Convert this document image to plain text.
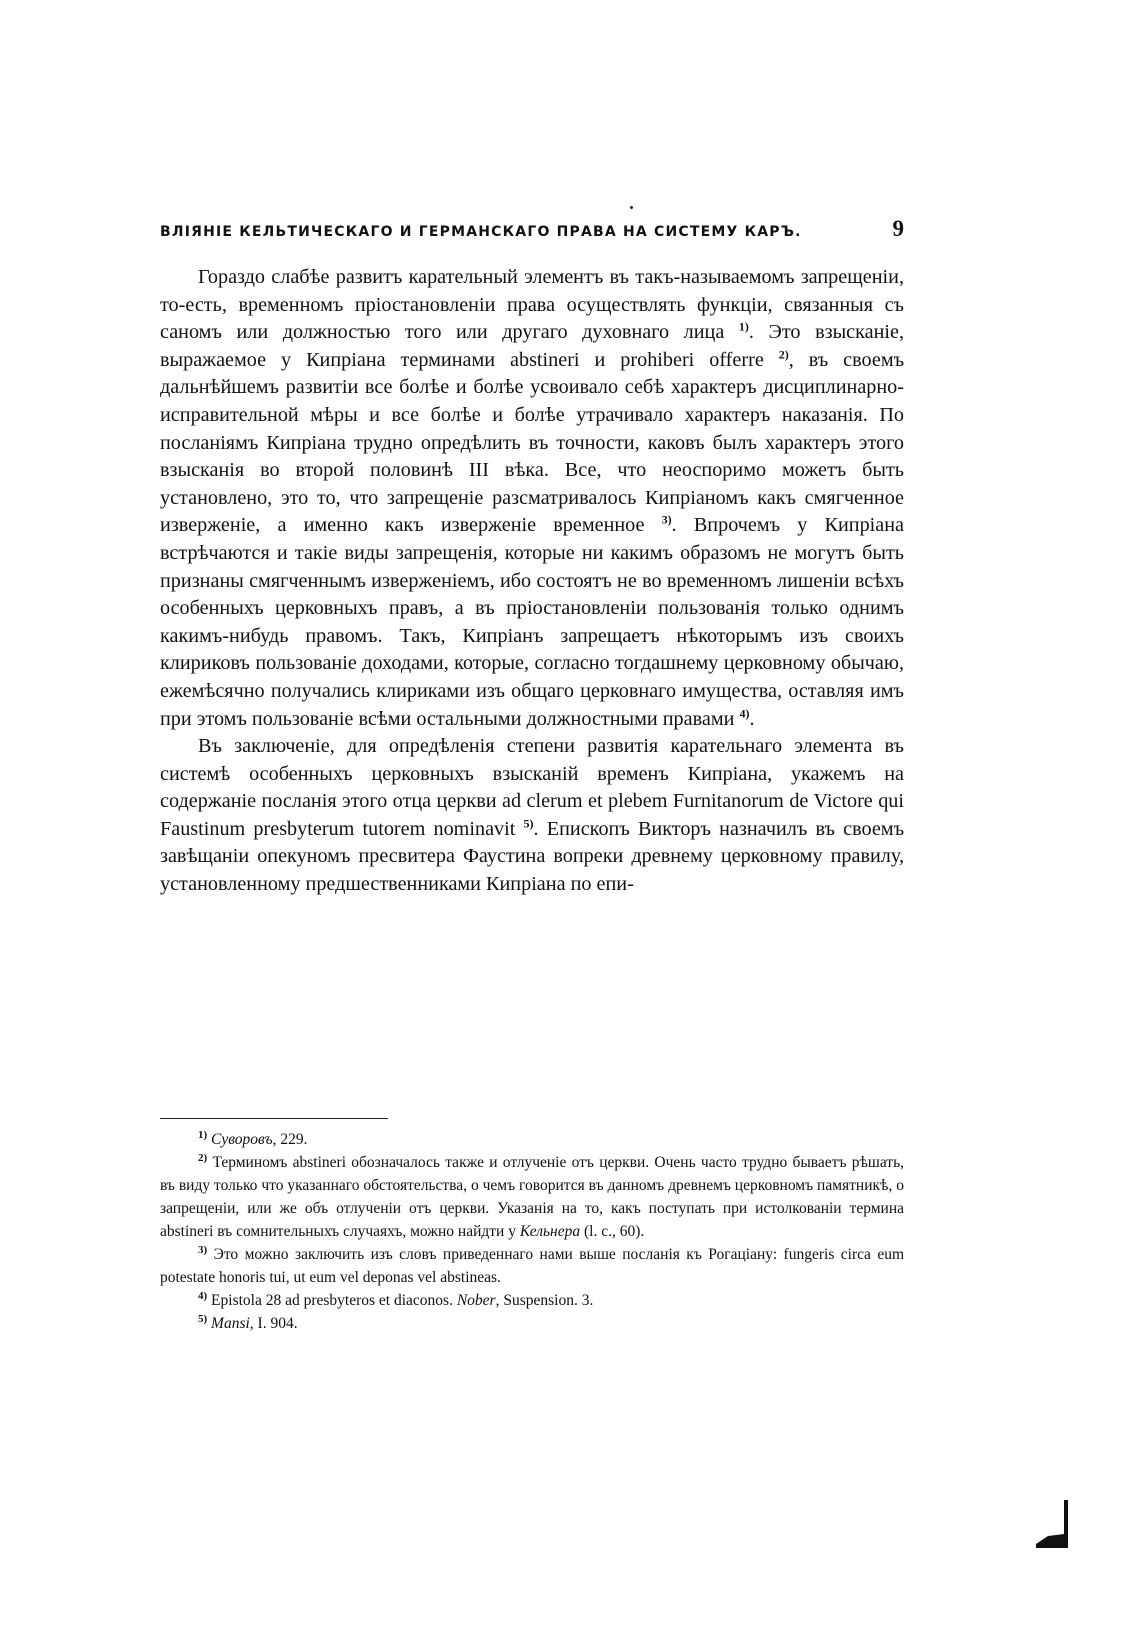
ВЛІЯНІЕ КЕЛЬТИЧЕСКАГО И ГЕРМАНСКАГО ПРАВА НА СИСТЕМУ КАРЪ.	9

Гораздо слабѣе развитъ карательный элементъ въ такъ-называемомъ запрещеніи, то-есть, временномъ пріостановленіи права осуществлять функціи, связанныя съ саномъ или должностью того или другаго духовнаго лица $^{1)}$. Это взысканіе, выражаемое у Кипріана терминами abstineri и prohiberi offerre $^{2)}$, въ своемъ дальнѣйшемъ развитіи все болѣе и болѣе усвоивало себѣ характеръ дисциплинарно-исправительной мѣры и все болѣе и болѣе утрачивало характеръ наказанія. По посланіямъ Кипріана трудно опредѣлить въ точности, каковъ былъ характеръ этого взысканія во второй половинѣ III вѣка. Все, что неоспоримо можетъ быть установлено, это то, что запрещеніе разсматривалось Кипріаномъ какъ смягченное изверженіе, а именно какъ изверженіе временное $^{3)}$. Впрочемъ у Кипріана встрѣчаются и такіе виды запрещенія, которые ни какимъ образомъ не могутъ быть признаны смягченнымъ изверженіемъ, ибо состоятъ не во временномъ лишеніи всѣхъ особенныхъ церковныхъ правъ, а въ пріостановленіи пользованія только однимъ какимъ-нибудь правомъ. Такъ, Кипріанъ запрещаетъ нѣкоторымъ изъ своихъ клириковъ пользованіе доходами, которые, согласно тогдашнему церковному обычаю, ежемѣсячно получались клириками изъ общаго церковнаго имущества, оставляя имъ при этомъ пользованіе всѣми остальными должностными правами $^{4)}$.

Въ заключеніе, для опредѣленія степени развитія карательнаго элемента въ системѣ особенныхъ церковныхъ взысканій временъ Кипріана, укажемъ на содержаніе посланія этого отца церкви ad clerum et plebem Furnitanorum de Victore qui Faustinum presbyterum tutorem nominavit $^{5)}$. Епископъ Викторъ назначилъ въ своемъ завѣщаніи опекуномъ пресвитера Фаустина вопреки древнему церковному правилу, установленному предшественниками Кипріана по епи-

$^{1)}$ Суворовъ, 229.

$^{2)}$ Терминомъ abstineri обозначалось также и отлученіе отъ церкви. Очень часто трудно бываетъ рѣшать, въ виду только что указаннаго обстоятельства, о чемъ говорится въ данномъ древнемъ церковномъ памятникѣ, о запрещеніи, или же объ отлученіи отъ церкви. Указанія на то, какъ поступать при истолкованіи термина abstineri въ сомнительныхъ случаяхъ, можно найдти у Кельнера (l. c., 60).

$^{3)}$ Это можно заключить изъ словъ приведеннаго нами выше посланія къ Рогаціану: fungeris circa eum potestate honoris tui, ut eum vel deponas vel abstineas.

$^{4)}$ Epistola 28 ad presbyteros et diaconos. Nober, Suspension. 3.

$^{5)}$ Mansi, I. 904.
